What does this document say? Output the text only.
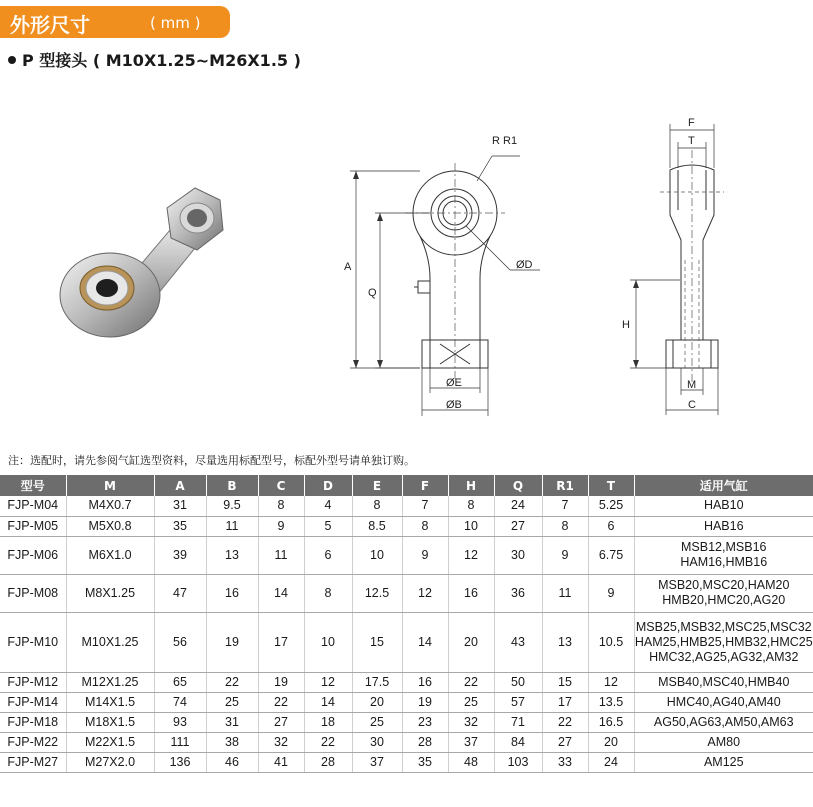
外形尺寸	( mm )
P 型接头 ( M10X1.25~M26X1.5 )
A
Q
R R1
ØD
ØE
ØB
F
T
H
M
C
注：选配时，请先参阅气缸选型资料，尽量选用标配型号，标配外型号请单独订购。
型号	M	A	B	C	D	E	F	H	Q	R1	T	适用气缸
FJP-M04	M4X0.7	31	9.5	8	4	8	7	8	24	7	5.25	HAB10

FJP-M05	M5X0.8	35	11	9	5	8.5	8	10	27	8	6	HAB16

FJP-M06	M6X1.0	39	13	11	6	10	9	12	30	9	6.75	MSB12,MSB16
HAM16,HMB16

FJP-M08	M8X1.25	47	16	14	8	12.5	12	16	36	11	9	MSB20,MSC20,HAM20
HMB20,HMC20,AG20

FJP-M10	M10X1.25	56	19	17	10	15	14	20	43	13	10.5	MSB25,MSB32,MSC25,MSC32
HAM25,HMB25,HMB32,HMC25
HMC32,AG25,AG32,AM32

FJP-M12	M12X1.25	65	22	19	12	17.5	16	22	50	15	12	MSB40,MSC40,HMB40

FJP-M14	M14X1.5	74	25	22	14	20	19	25	57	17	13.5	HMC40,AG40,AM40

FJP-M18	M18X1.5	93	31	27	18	25	23	32	71	22	16.5	AG50,AG63,AM50,AM63

FJP-M22	M22X1.5	111	38	32	22	30	28	37	84	27	20	AM80

FJP-M27	M27X2.0	136	46	41	28	37	35	48	103	33	24	AM125
